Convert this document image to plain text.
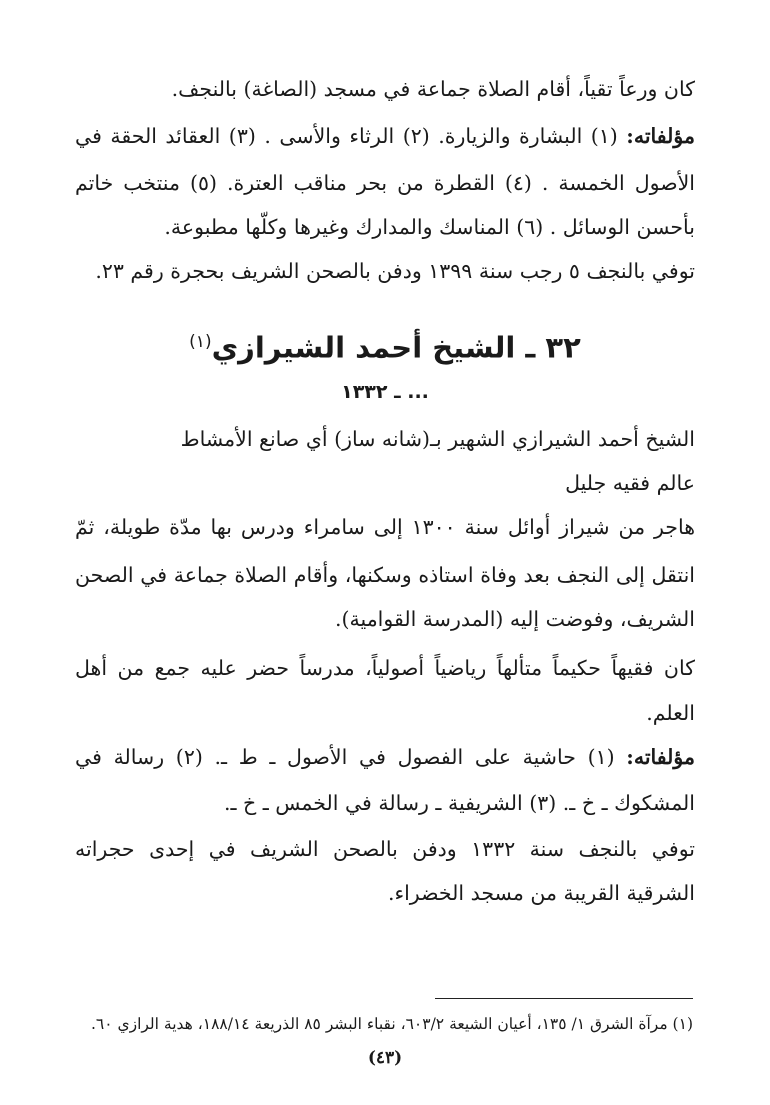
كان ورعاً تقياً، أقام الصلاة جماعة في مسجد (الصاغة) بالنجف.
مؤلفاته: (١) البشارة والزيارة. (٢) الرثاء والأسى . (٣) العقائد الحقة في
الأصول الخمسة . (٤) القطرة من بحر مناقب العترة. (٥) منتخب خاتم
بأحسن الوسائل . (٦) المناسك والمدارك وغيرها وكلّها مطبوعة.
توفي بالنجف ٥ رجب سنة ١٣٩٩ ودفن بالصحن الشريف بحجرة رقم ٢٣.
٣٢ ـ الشيخ أحمد الشيرازي$^{(١)}$
... ـ ١٣٣٢
الشيخ أحمد الشيرازي الشهير بـ(شانه ساز) أي صانع الأمشاط
عالم فقيه جليل
هاجر من شيراز أوائل سنة ١٣٠٠ إلى سامراء ودرس بها مدّة طويلة، ثمّ
انتقل إلى النجف بعد وفاة استاذه وسكنها، وأقام الصلاة جماعة في الصحن
الشريف، وفوضت إليه (المدرسة القوامية).
كان فقيهاً حكيماً متألهاً رياضياً أصولياً، مدرساً حضر عليه جمع من أهل
العلم.
مؤلفاته: (١) حاشية على الفصول في الأصول ـ ط ـ. (٢) رسالة في
المشكوك ـ خ ـ. (٣) الشريفية ـ رسالة في الخمس ـ خ ـ.
توفي بالنجف سنة ١٣٣٢ ودفن بالصحن الشريف في إحدى حجراته
الشرقية القريبة من مسجد الخضراء.
(١) مرآة الشرق ١/ ١٣٥، أعيان الشيعة ٦٠٣/٢، نقباء البشر ٨٥ الذريعة ١٨٨/١٤، هدية الرازي ٦٠.
(٤٣)
